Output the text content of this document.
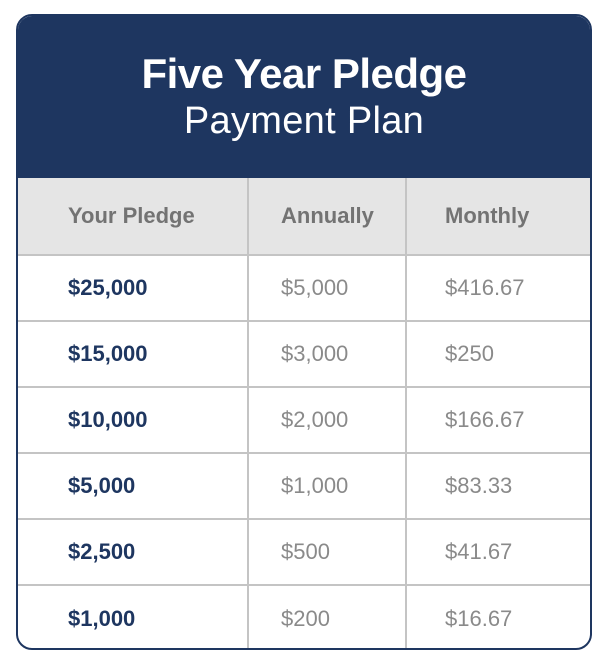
Five Year Pledge
Payment Plan
Your Pledge	Annually	Monthly
$25,000	$5,000	$416.67
$15,000	$3,000	$250
$10,000	$2,000	$166.67
$5,000	$1,000	$83.33
$2,500	$500	$41.67
$1,000	$200	$16.67
